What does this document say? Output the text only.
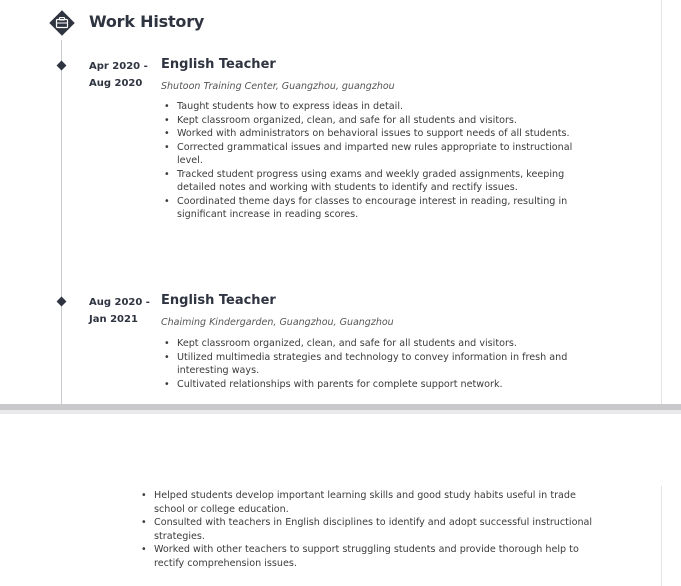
Work History
Apr 2020 -
Aug 2020
English Teacher
Shutoon Training Center, Guangzhou, guangzhou
• Taught students how to express ideas in detail.
• Kept classroom organized, clean, and safe for all students and visitors.
• Worked with administrators on behavioral issues to support needs of all students.
• Corrected grammatical issues and imparted new rules appropriate to instructional level.
• Tracked student progress using exams and weekly graded assignments, keeping detailed notes and working with students to identify and rectify issues.
• Coordinated theme days for classes to encourage interest in reading, resulting in significant increase in reading scores.
Aug 2020 -
Jan 2021
English Teacher
Chaiming Kindergarden, Guangzhou, Guangzhou
• Kept classroom organized, clean, and safe for all students and visitors.
• Utilized multimedia strategies and technology to convey information in fresh and interesting ways.
• Cultivated relationships with parents for complete support network.
• Helped students develop important learning skills and good study habits useful in trade school or college education.
• Consulted with teachers in English disciplines to identify and adopt successful instructional strategies.
• Worked with other teachers to support struggling students and provide thorough help to rectify comprehension issues.
